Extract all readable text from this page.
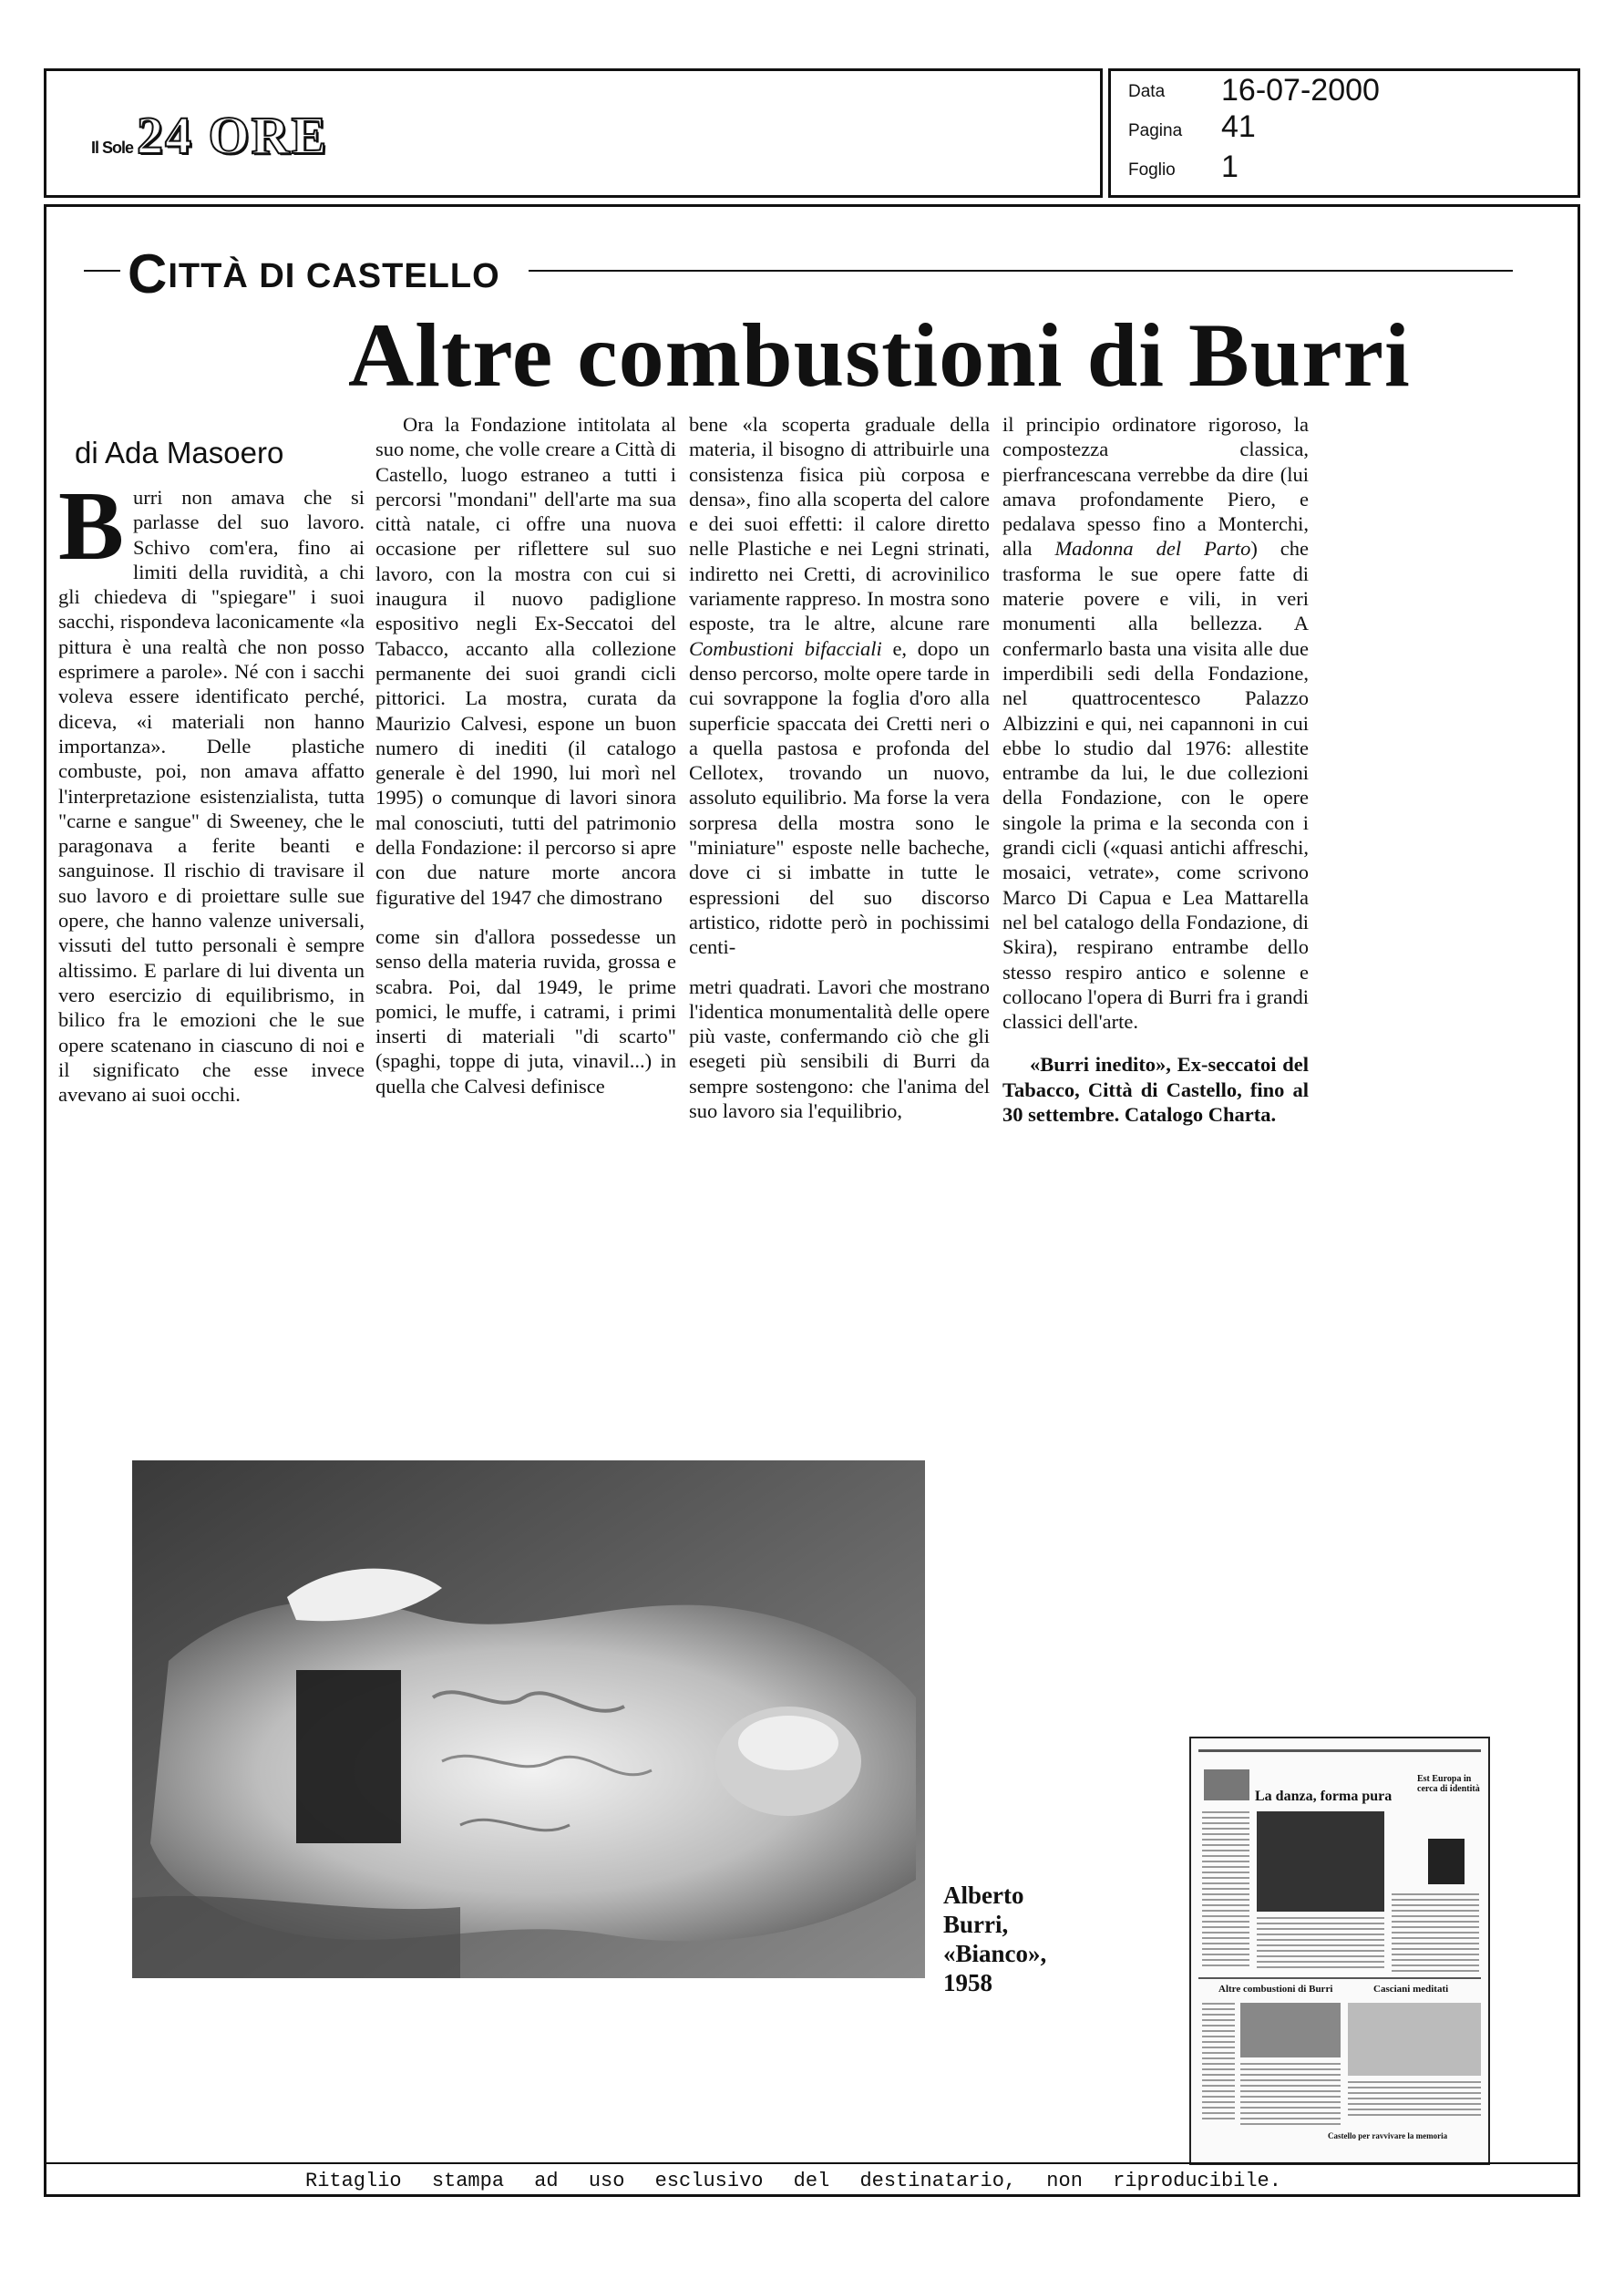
Il Sole 24 ORE
Data 16-07-2000
Pagina 41
Foglio 1
CITTÀ DI CASTELLO
Altre combustioni di Burri
di Ada Masoero
Burri non amava che si parlasse del suo lavoro. Schivo com'era, fino ai limiti della ruvidità, a chi gli chiedeva di "spiegare" i suoi sacchi, rispondeva laconicamente «la pittura è una realtà che non posso esprimere a parole». Né con i sacchi voleva essere identificato perché, diceva, «i materiali non hanno importanza». Delle plastiche combuste, poi, non amava affatto l'interpretazione esistenzialista, tutta "carne e sangue" di Sweeney, che le paragonava a ferite beanti e sanguinose. Il rischio di travisare il suo lavoro e di proiettare sulle sue opere, che hanno valenze universali, vissuti del tutto personali è sempre altissimo. E parlare di lui diventa un vero esercizio di equilibrismo, in bilico fra le emozioni che le sue opere scatenano in ciascuno di noi e il significato che esse invece avevano ai suoi occhi.

Ora la Fondazione intitolata al suo nome, che volle creare a Città di Castello, luogo estraneo a tutti i percorsi "mondani" dell'arte ma sua città natale, ci offre una nuova occasione per riflettere sul suo lavoro, con la mostra con cui si inaugura il nuovo padiglione espositivo negli Ex-Seccatoi del Tabacco, accanto alla collezione permanente dei suoi grandi cicli pittorici. La mostra, curata da Maurizio Calvesi, espone un buon numero di inediti (il catalogo generale è del 1990, lui morì nel 1995) o comunque di lavori sinora mal conosciuti, tutti del patrimonio della Fondazione: il percorso si apre con due nature morte ancora figurative del 1947 che dimostrano

come sin d'allora possedesse un senso della materia ruvida, grossa e scabra. Poi, dal 1949, le prime pomici, le muffe, i catrami, i primi inserti di materiali "di scarto" (spaghi, toppe di juta, vinavil...) in quella che Calvesi definisce

bene «la scoperta graduale della materia, il bisogno di attribuirle una consistenza fisica più corposa e densa», fino alla scoperta del calore e dei suoi effetti: il calore diretto nelle Plastiche e nei Legni strinati, indiretto nei Cretti, di acrovinilico variamente rappreso. In mostra sono esposte, tra le altre, alcune rare Combustioni bifacciali e, dopo un denso percorso, molte opere tarde in cui sovrappone la foglia d'oro alla superficie spaccata dei Cretti neri o a quella pastosa e profonda del Cellotex, trovando un nuovo, assoluto equilibrio. Ma forse la vera sorpresa della mostra sono le "miniature" esposte nelle bacheche, dove ci si imbatte in tutte le espressioni del suo discorso artistico, ridotte però in pochissimi centi-

metri quadrati. Lavori che mostrano l'identica monumentalità delle opere più vaste, confermando ciò che gli esegeti più sensibili di Burri da sempre sostengono: che l'anima del suo lavoro sia l'equilibrio,

il principio ordinatore rigoroso, la compostezza classica, pierfrancescana verrebbe da dire (lui amava profondamente Piero, e pedalava spesso fino a Monterchi, alla Madonna del Parto) che trasforma le sue opere fatte di materie povere e vili, in veri monumenti alla bellezza. A confermarlo basta una visita alle due imperdibili sedi della Fondazione, nel quattrocentesco Palazzo Albizzini e qui, nei capannoni in cui ebbe lo studio dal 1976: allestite entrambe da lui, le due collezioni della Fondazione, con le opere singole la prima e la seconda con i grandi cicli («quasi antichi affreschi, mosaici, vetrate», come scrivono Marco Di Capua e Lea Mattarella nel bel catalogo della Fondazione, di Skira), respirano entrambe dello stesso respiro antico e solenne e collocano l'opera di Burri fra i grandi classici dell'arte.

«Burri inedito», Ex-seccatoi del Tabacco, Città di Castello, fino al 30 settembre. Catalogo Charta.

Alberto
Burri,
«Bianco»,
1958
La danza, forma pura
Est Europa in cerca di identità
Altre combustioni di Burri	Casciani meditati
Castello per ravvivare la memoria
Ritaglio stampa ad uso esclusivo del destinatario, non riproducibile.
